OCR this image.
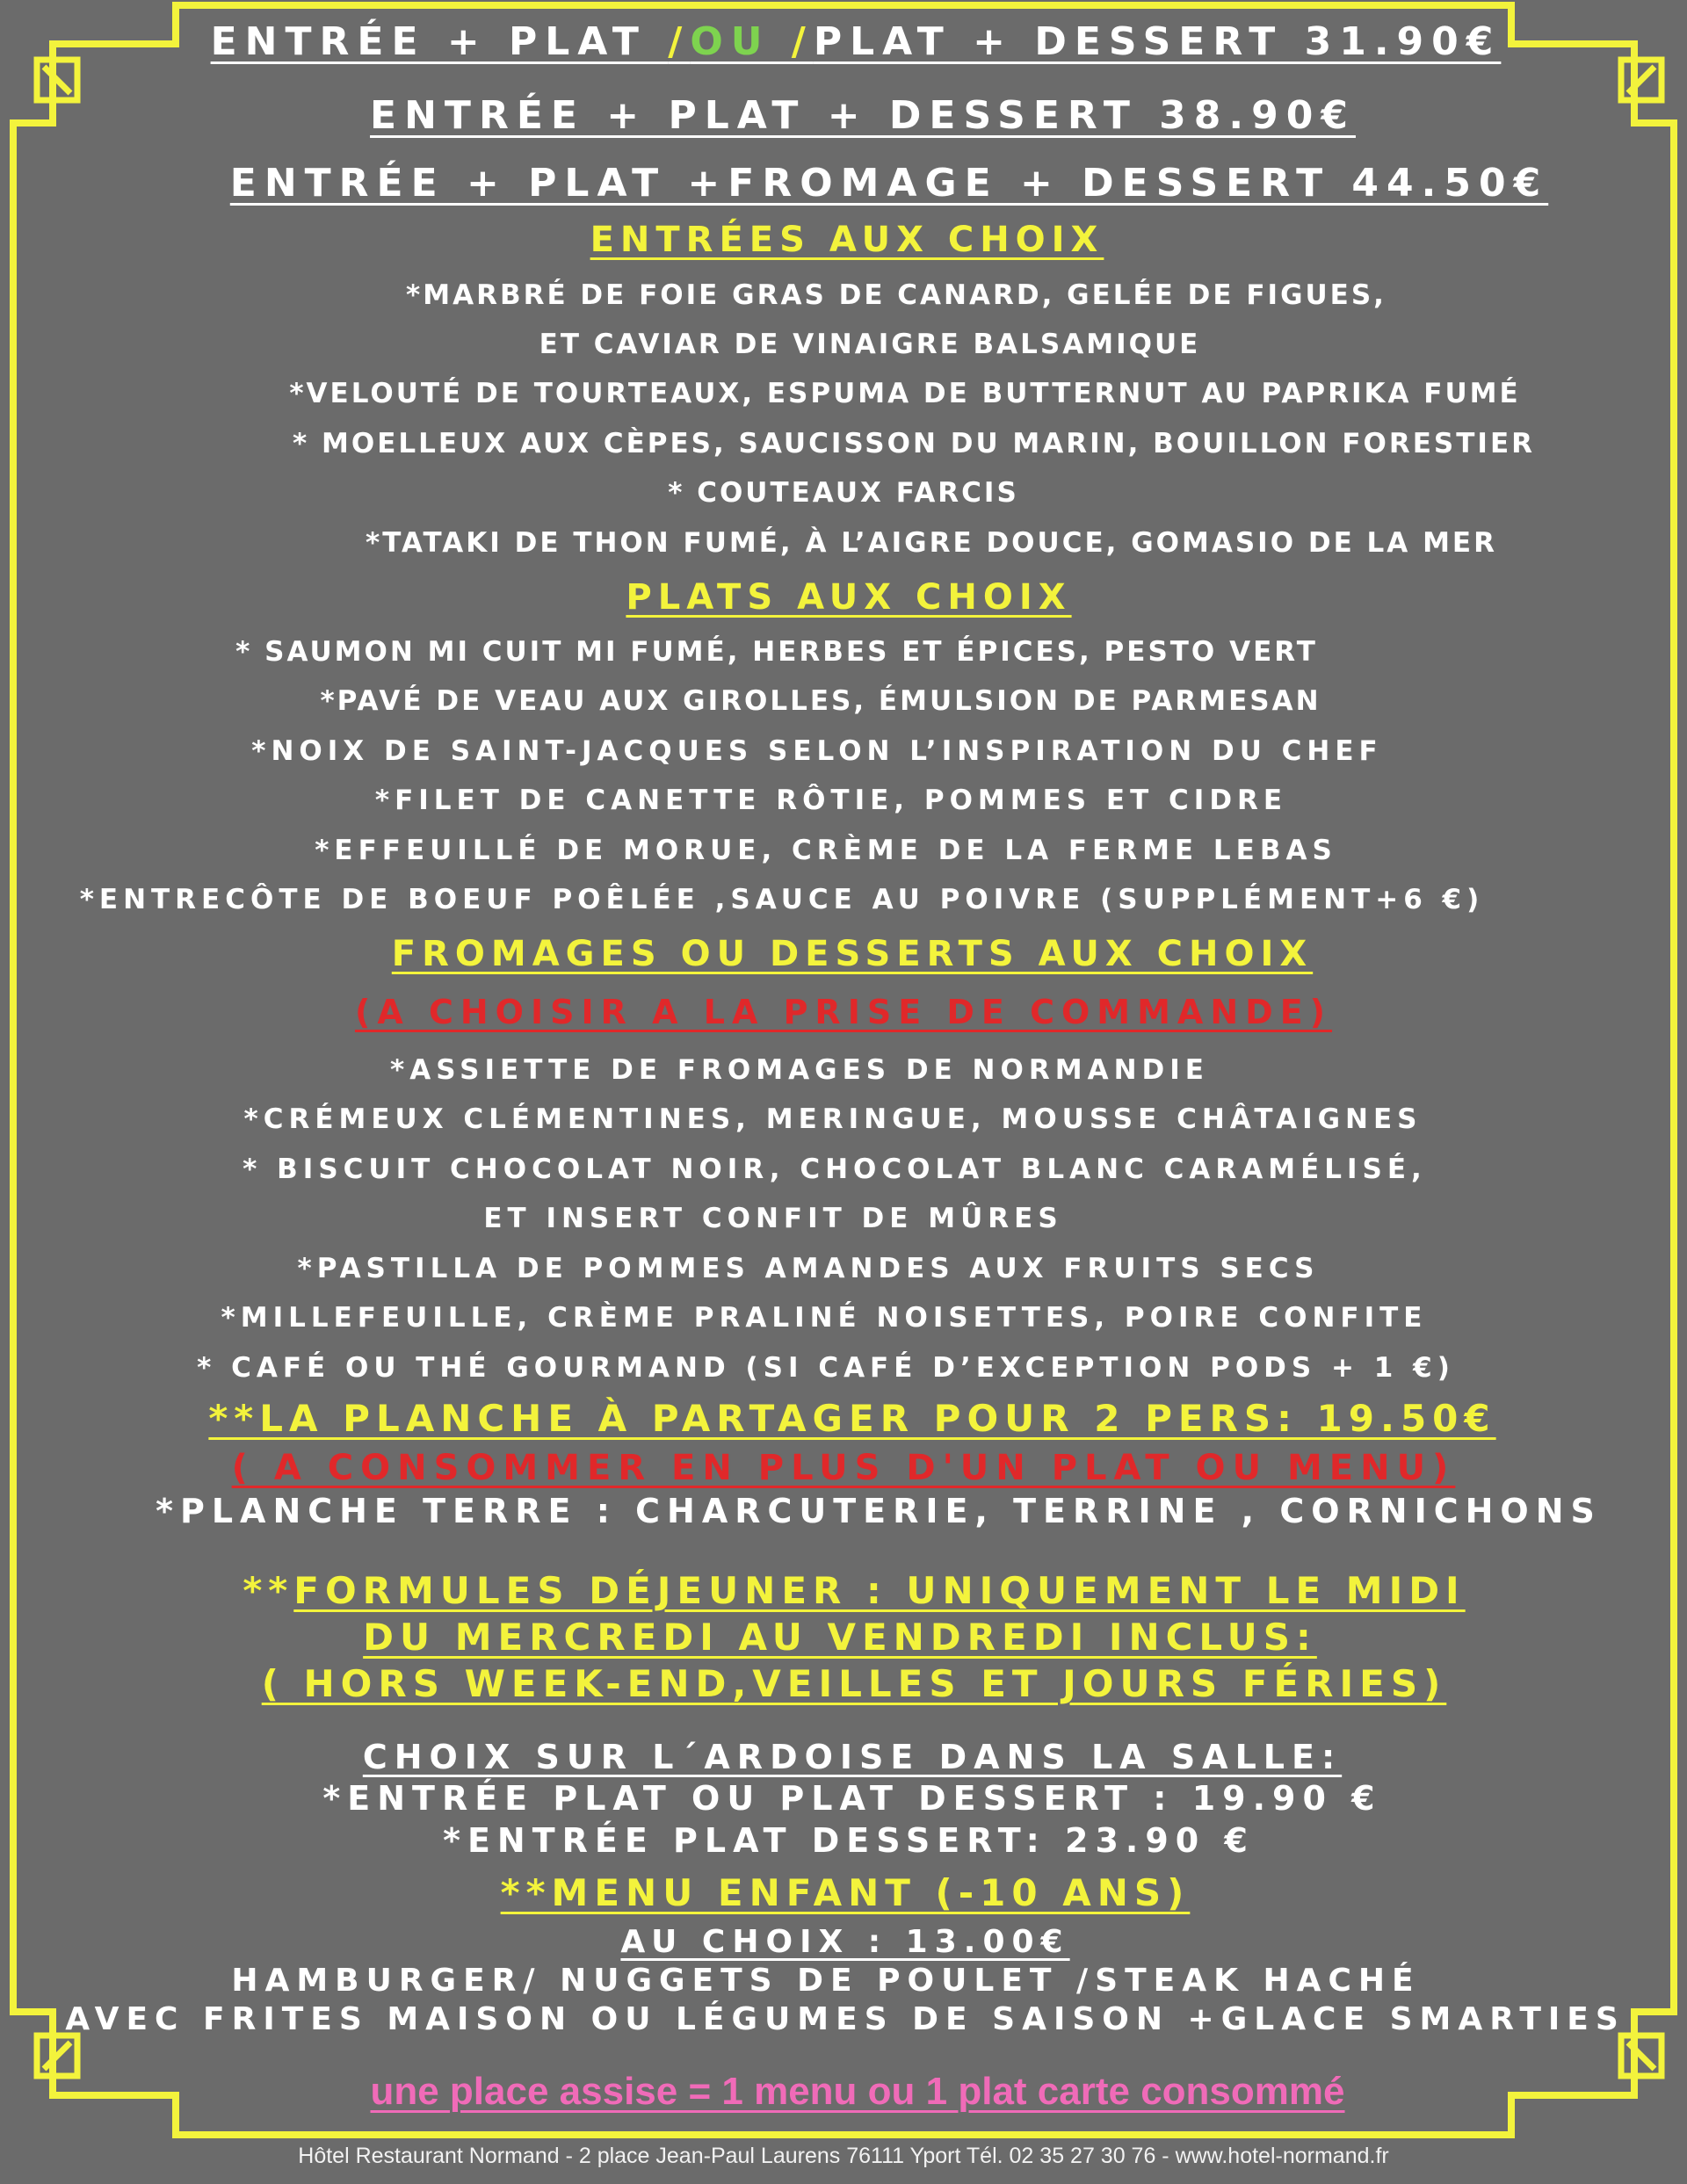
ENTRÉE + PLAT /OU /PLAT + DESSERT 31.90€
ENTRÉE + PLAT + DESSERT 38.90€
ENTRÉE + PLAT +FROMAGE + DESSERT 44.50€
ENTRÉES AUX CHOIX
*MARBRÉ DE FOIE GRAS DE CANARD, GELÉE DE FIGUES,
ET CAVIAR DE VINAIGRE BALSAMIQUE
*VELOUTÉ DE TOURTEAUX, ESPUMA DE BUTTERNUT AU PAPRIKA FUMÉ
* MOELLEUX AUX CÈPES, SAUCISSON DU MARIN, BOUILLON FORESTIER
* COUTEAUX FARCIS
*TATAKI DE THON FUMÉ, À L’AIGRE DOUCE, GOMASIO DE LA MER
PLATS AUX CHOIX
* SAUMON MI CUIT MI FUMÉ, HERBES ET ÉPICES, PESTO VERT
*PAVÉ DE VEAU AUX GIROLLES, ÉMULSION DE PARMESAN
*NOIX DE SAINT-JACQUES SELON L’INSPIRATION DU CHEF
*FILET DE CANETTE RÔTIE, POMMES ET CIDRE
*EFFEUILLÉ DE MORUE, CRÈME DE LA FERME LEBAS
*ENTRECÔTE DE BOEUF POÊLÉE ,SAUCE AU POIVRE (SUPPLÉMENT+6 €)
FROMAGES OU DESSERTS AUX CHOIX
(A CHOISIR A LA PRISE DE COMMANDE)
*ASSIETTE DE FROMAGES DE NORMANDIE
*CRÉMEUX CLÉMENTINES, MERINGUE, MOUSSE CHÂTAIGNES
* BISCUIT CHOCOLAT NOIR, CHOCOLAT BLANC CARAMÉLISÉ,
ET INSERT CONFIT DE MÛRES
*PASTILLA DE POMMES AMANDES AUX FRUITS SECS
*MILLEFEUILLE, CRÈME PRALINÉ NOISETTES, POIRE CONFITE
* CAFÉ OU THÉ GOURMAND (SI CAFÉ D’EXCEPTION PODS + 1 €)
**LA PLANCHE À PARTAGER POUR 2 PERS: 19.50€
( A CONSOMMER EN PLUS D'UN PLAT OU MENU)
*PLANCHE TERRE : CHARCUTERIE, TERRINE , CORNICHONS
**FORMULES DÉJEUNER : UNIQUEMENT LE MIDI
DU MERCREDI AU VENDREDI INCLUS:
( HORS WEEK-END,VEILLES ET JOURS FÉRIES)
CHOIX SUR L´ARDOISE DANS LA SALLE:
*ENTRÉE PLAT OU PLAT DESSERT : 19.90 €
*ENTRÉE PLAT DESSERT: 23.90 €
**MENU ENFANT (-10 ANS)
AU CHOIX : 13.00€
HAMBURGER/ NUGGETS DE POULET /STEAK HACHÉ
AVEC FRITES MAISON OU LÉGUMES DE SAISON +GLACE SMARTIES
une place assise = 1 menu ou 1 plat carte consommé
Hôtel Restaurant Normand - 2 place Jean-Paul Laurens 76111 Yport Tél. 02 35 27 30 76 - www.hotel-normand.fr
